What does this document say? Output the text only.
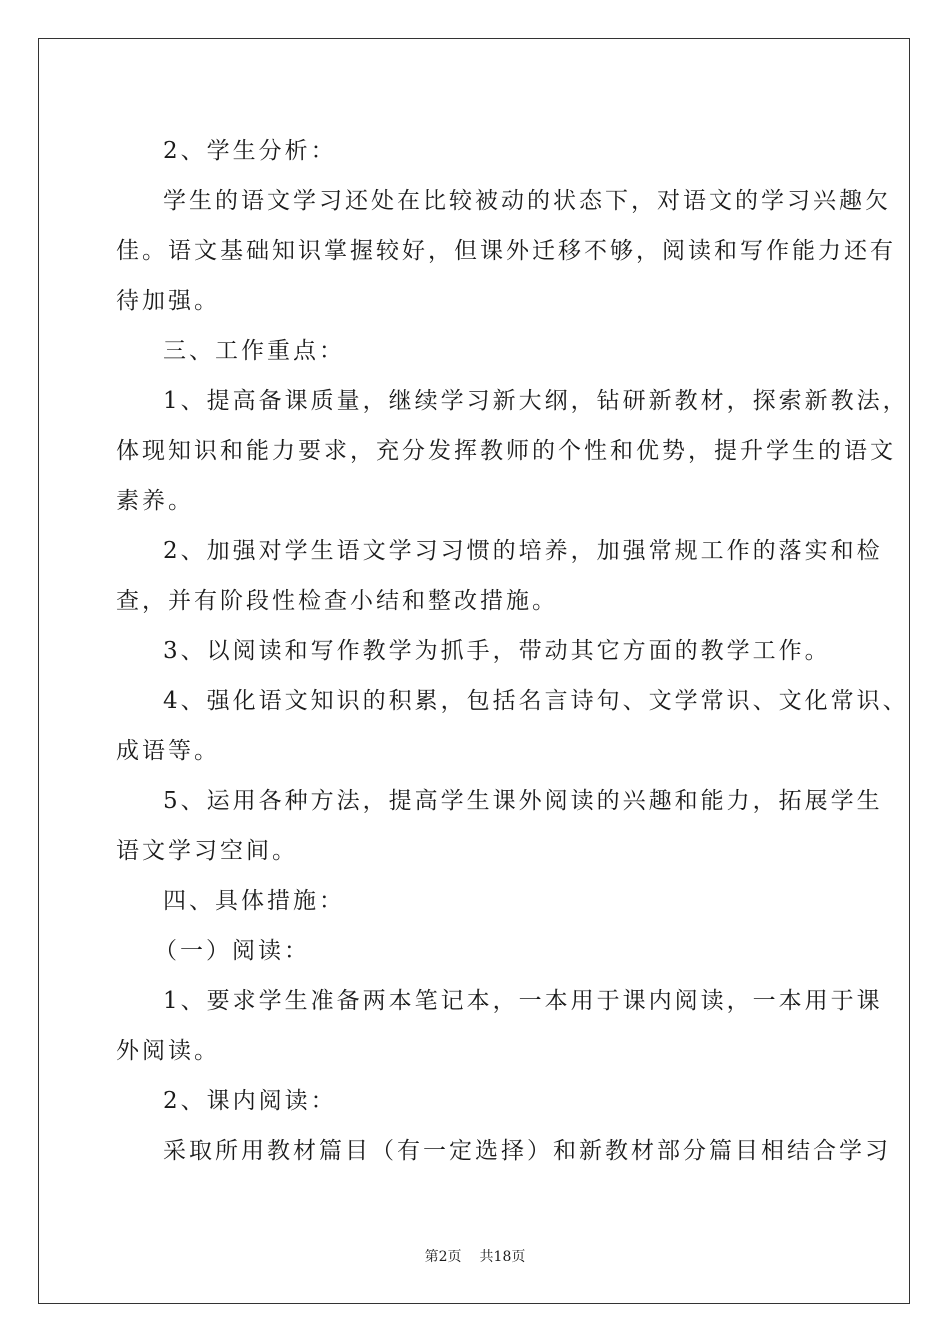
2、学生分析：
学生的语文学习还处在比较被动的状态下，对语文的学习兴趣欠
佳。语文基础知识掌握较好，但课外迁移不够，阅读和写作能力还有
待加强。
三、工作重点：
1、提高备课质量，继续学习新大纲，钻研新教材，探索新教法，
体现知识和能力要求，充分发挥教师的个性和优势，提升学生的语文
素养。
2、加强对学生语文学习习惯的培养，加强常规工作的落实和检
查，并有阶段性检查小结和整改措施。
3、以阅读和写作教学为抓手，带动其它方面的教学工作。
4、强化语文知识的积累，包括名言诗句、文学常识、文化常识、
成语等。
5、运用各种方法，提高学生课外阅读的兴趣和能力，拓展学生
语文学习空间。
四、具体措施：
（一）阅读：
1、要求学生准备两本笔记本，一本用于课内阅读，一本用于课
外阅读。
2、课内阅读：
采取所用教材篇目（有一定选择）和新教材部分篇目相结合学习
第2页 共18页
